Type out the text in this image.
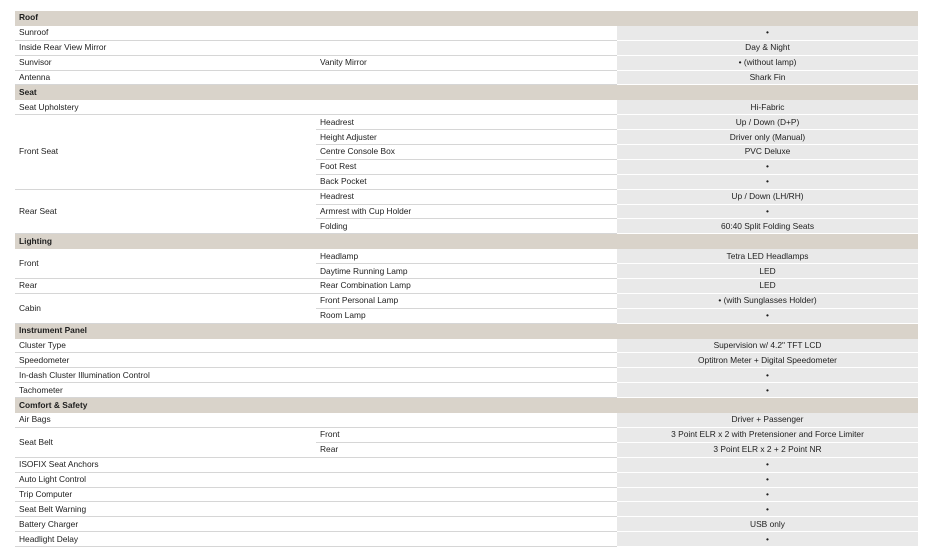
Roof		
Sunroof		•
Inside Rear View Mirror		Day & Night
Sunvisor	Vanity Mirror	• (without lamp)
Antenna		Shark Fin
Seat		
Seat Upholstery		Hi-Fabric
Front Seat	Headrest	Up / Down (D+P)
	Height Adjuster	Driver only (Manual)
	Centre Console Box	PVC Deluxe
	Foot Rest	•
	Back Pocket	•
Rear Seat	Headrest	Up / Down (LH/RH)
	Armrest with Cup Holder	•
	Folding	60:40 Split Folding Seats
Lighting		
Front	Headlamp	Tetra LED Headlamps
	Daytime Running Lamp	LED
Rear	Rear Combination Lamp	LED
Cabin	Front Personal Lamp	• (with Sunglasses Holder)
	Room Lamp	•
Instrument Panel		
Cluster Type		Supervision w/ 4.2" TFT LCD
Speedometer		Optitron Meter + Digital Speedometer
In-dash Cluster Illumination Control		•
Tachometer		•
Comfort & Safety		
Air Bags		Driver + Passenger
Seat Belt	Front	3 Point ELR x 2 with Pretensioner and Force Limiter
	Rear	3 Point ELR x 2 + 2 Point NR
ISOFIX Seat Anchors		•
Auto Light Control		•
Trip Computer		•
Seat Belt Warning		•
Battery Charger		USB only
Headlight Delay		•
